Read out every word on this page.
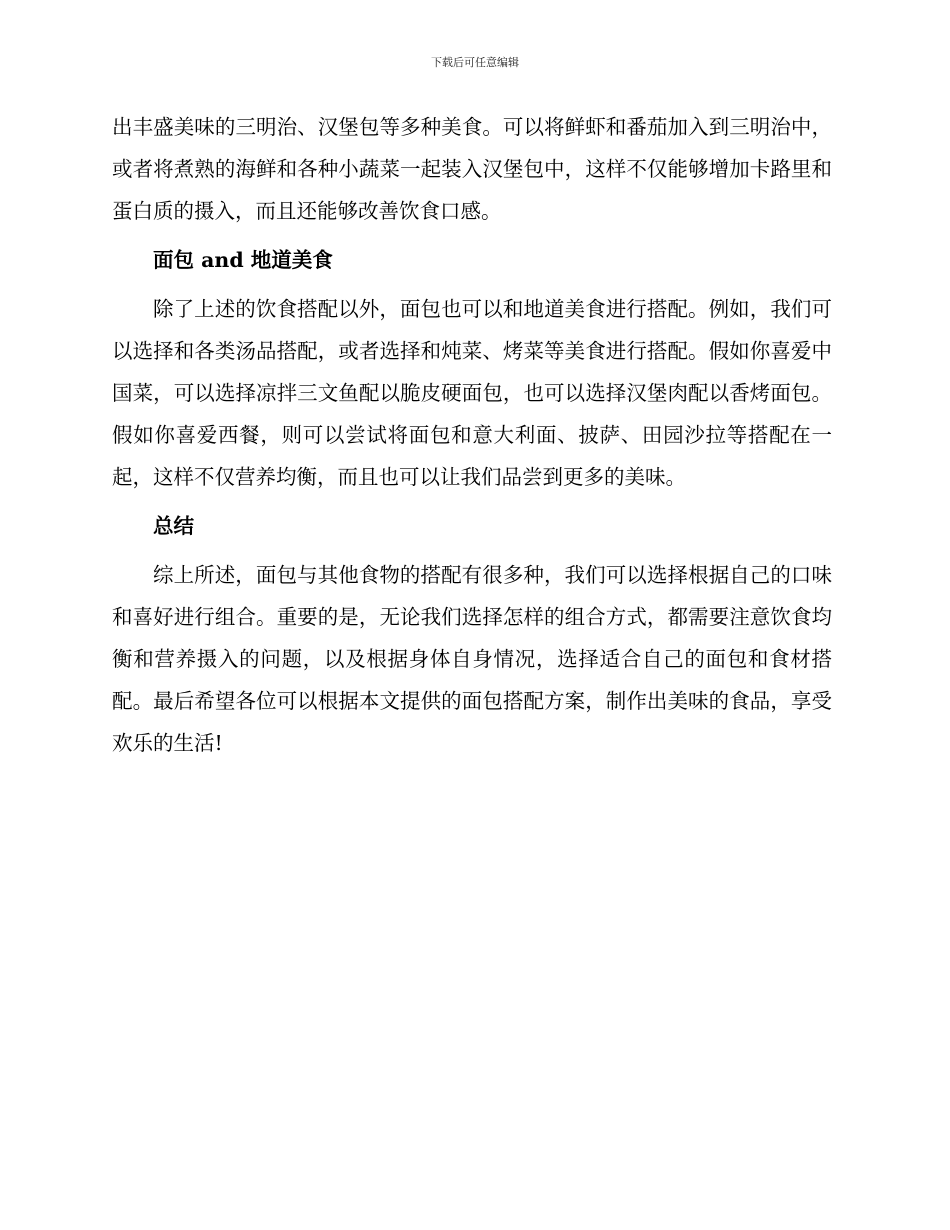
下载后可任意编辑

出丰盛美味的三明治、汉堡包等多种美食。可以将鲜虾和番茄加入到三明治中，或者将煮熟的海鲜和各种小蔬菜一起装入汉堡包中，这样不仅能够增加卡路里和蛋白质的摄入，而且还能够改善饮食口感。

面包 and 地道美食

除了上述的饮食搭配以外，面包也可以和地道美食进行搭配。例如，我们可以选择和各类汤品搭配，或者选择和炖菜、烤菜等美食进行搭配。假如你喜爱中国菜，可以选择凉拌三文鱼配以脆皮硬面包，也可以选择汉堡肉配以香烤面包。假如你喜爱西餐，则可以尝试将面包和意大利面、披萨、田园沙拉等搭配在一起，这样不仅营养均衡，而且也可以让我们品尝到更多的美味。

总结

综上所述，面包与其他食物的搭配有很多种，我们可以选择根据自己的口味和喜好进行组合。重要的是，无论我们选择怎样的组合方式，都需要注意饮食均衡和营养摄入的问题，以及根据身体自身情况，选择适合自己的面包和食材搭配。最后希望各位可以根据本文提供的面包搭配方案，制作出美味的食品，享受欢乐的生活!
